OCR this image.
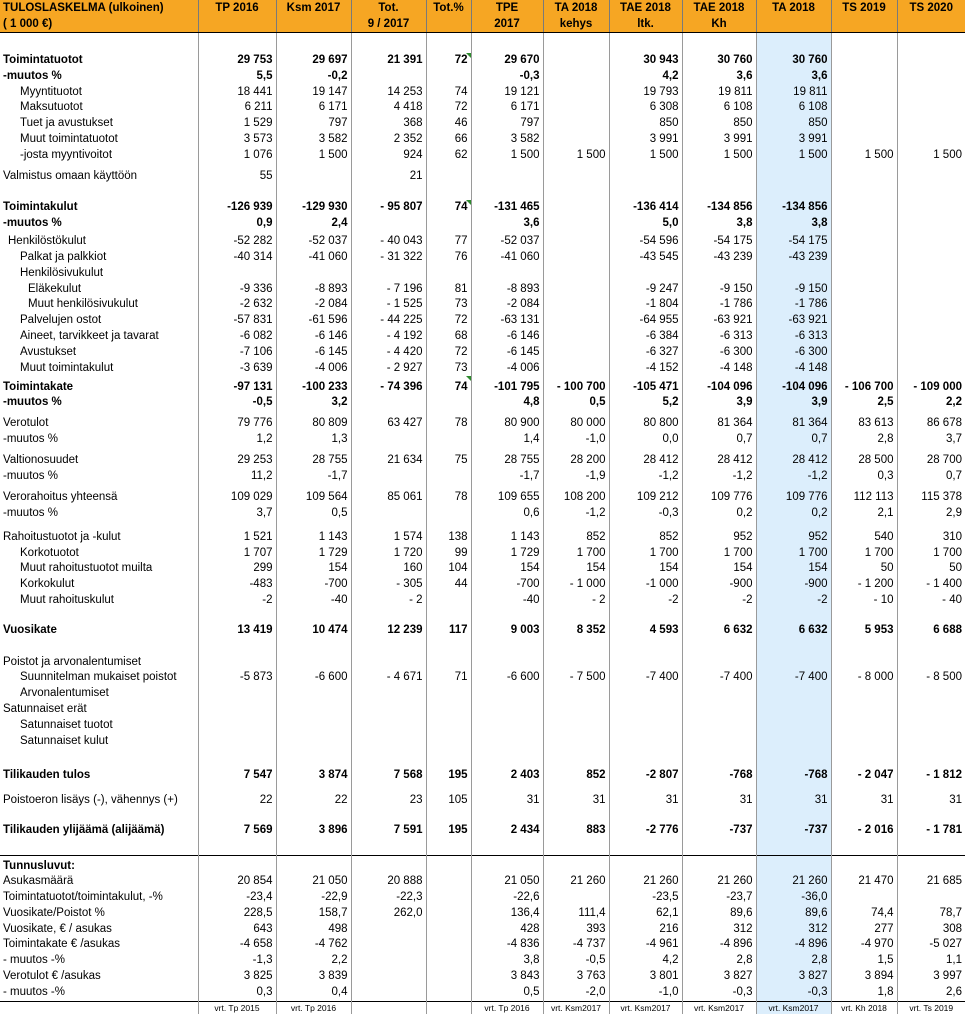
TULOSLASKELMA (ulkoinen)	TP 2016	Ksm 2017	Tot.	Tot.%	TPE	TA 2018	TAE 2018	TAE 2018	TA 2018	TS 2019	TS 2020
( 1 000 €)			9 / 2017		2017	kehys	ltk.	Kh			

Toimintatuotot	29 753	29 697	21 391	72	29 670		30 943	30 760	30 760		
-muutos %	5,5	-0,2			-0,3		4,2	3,6	3,6		
Myyntituotot	18 441	19 147	14 253	74	19 121		19 793	19 811	19 811		
Maksutuotot	6 211	6 171	4 418	72	6 171		6 308	6 108	6 108		
Tuet ja avustukset	1 529	797	368	46	797		850	850	850		
Muut toimintatuotot	3 573	3 582	2 352	66	3 582		3 991	3 991	3 991		
-josta myyntivoitot	1 076	1 500	924	62	1 500	1 500	1 500	1 500	1 500	1 500	1 500
Valmistus omaan käyttöön	55		21								

Toimintakulut	-126 939	-129 930	- 95 807	74	-131 465		-136 414	-134 856	-134 856		
-muutos %	0,9	2,4			3,6		5,0	3,8	3,8		
Henkilöstökulut	-52 282	-52 037	- 40 043	77	-52 037		-54 596	-54 175	-54 175		
Palkat ja palkkiot	-40 314	-41 060	- 31 322	76	-41 060		-43 545	-43 239	-43 239		
Henkilösivukulut											
Eläkekulut	-9 336	-8 893	- 7 196	81	-8 893		-9 247	-9 150	-9 150		
Muut henkilösivukulut	-2 632	-2 084	- 1 525	73	-2 084		-1 804	-1 786	-1 786		
Palvelujen ostot	-57 831	-61 596	- 44 225	72	-63 131		-64 955	-63 921	-63 921		
Aineet, tarvikkeet ja tavarat	-6 082	-6 146	- 4 192	68	-6 146		-6 384	-6 313	-6 313		
Avustukset	-7 106	-6 145	- 4 420	72	-6 145		-6 327	-6 300	-6 300		
Muut toimintakulut	-3 639	-4 006	- 2 927	73	-4 006		-4 152	-4 148	-4 148		
Toimintakate	-97 131	-100 233	- 74 396	74	-101 795	- 100 700	-105 471	-104 096	-104 096	- 106 700	- 109 000
-muutos %	-0,5	3,2			4,8	0,5	5,2	3,9	3,9	2,5	2,2
Verotulot	79 776	80 809	63 427	78	80 900	80 000	80 800	81 364	81 364	83 613	86 678
-muutos %	1,2	1,3			1,4	-1,0	0,0	0,7	0,7	2,8	3,7
Valtionosuudet	29 253	28 755	21 634	75	28 755	28 200	28 412	28 412	28 412	28 500	28 700
-muutos %	11,2	-1,7			-1,7	-1,9	-1,2	-1,2	-1,2	0,3	0,7
Verorahoitus yhteensä	109 029	109 564	85 061	78	109 655	108 200	109 212	109 776	109 776	112 113	115 378
-muutos %	3,7	0,5			0,6	-1,2	-0,3	0,2	0,2	2,1	2,9
Rahoitustuotot ja -kulut	1 521	1 143	1 574	138	1 143	852	852	952	952	540	310
Korkotuotot	1 707	1 729	1 720	99	1 729	1 700	1 700	1 700	1 700	1 700	1 700
Muut rahoitustuotot muilta	299	154	160	104	154	154	154	154	154	50	50
Korkokulut	-483	-700	- 305	44	-700	- 1 000	-1 000	-900	-900	- 1 200	- 1 400
Muut rahoituskulut	-2	-40	- 2		-40	- 2	-2	-2	-2	- 10	- 40
Vuosikate	13 419	10 474	12 239	117	9 003	8 352	4 593	6 632	6 632	5 953	6 688

Poistot ja arvonalentumiset											
Suunnitelman mukaiset poistot	-5 873	-6 600	- 4 671	71	-6 600	- 7 500	-7 400	-7 400	-7 400	- 8 000	- 8 500
Arvonalentumiset											
Satunnaiset erät											
Satunnaiset tuotot											
Satunnaiset kulut											
Tilikauden tulos	7 547	3 874	7 568	195	2 403	852	-2 807	-768	-768	- 2 047	- 1 812
Poistoeron lisäys (-), vähennys (+)	22	22	23	105	31	31	31	31	31	31	31
Tilikauden ylijäämä (alijäämä)	7 569	3 896	7 591	195	2 434	883	-2 776	-737	-737	- 2 016	- 1 781

Tunnusluvut:											
Asukasmäärä	20 854	21 050	20 888		21 050	21 260	21 260	21 260	21 260	21 470	21 685
Toimintatuotot/toimintakulut, -%	-23,4	-22,9	-22,3		-22,6		-23,5	-23,7	-36,0		
Vuosikate/Poistot %	228,5	158,7	262,0		136,4	111,4	62,1	89,6	89,6	74,4	78,7
Vuosikate, € / asukas	643	498			428	393	216	312	312	277	308
Toimintakate € /asukas	-4 658	-4 762			-4 836	-4 737	-4 961	-4 896	-4 896	-4 970	-5 027
- muutos -%	-1,3	2,2			3,8	-0,5	4,2	2,8	2,8	1,5	1,1
Verotulot € /asukas	3 825	3 839			3 843	3 763	3 801	3 827	3 827	3 894	3 997
- muutos -%	0,3	0,4			0,5	-2,0	-1,0	-0,3	-0,3	1,8	2,6
	vrt. Tp 2015	vrt. Tp 2016			vrt. Tp 2016	vrt. Ksm2017	vrt. Ksm2017	vrt. Ksm2017	vrt. Ksm2017	vrt. Kh 2018	vrt. Ts 2019
